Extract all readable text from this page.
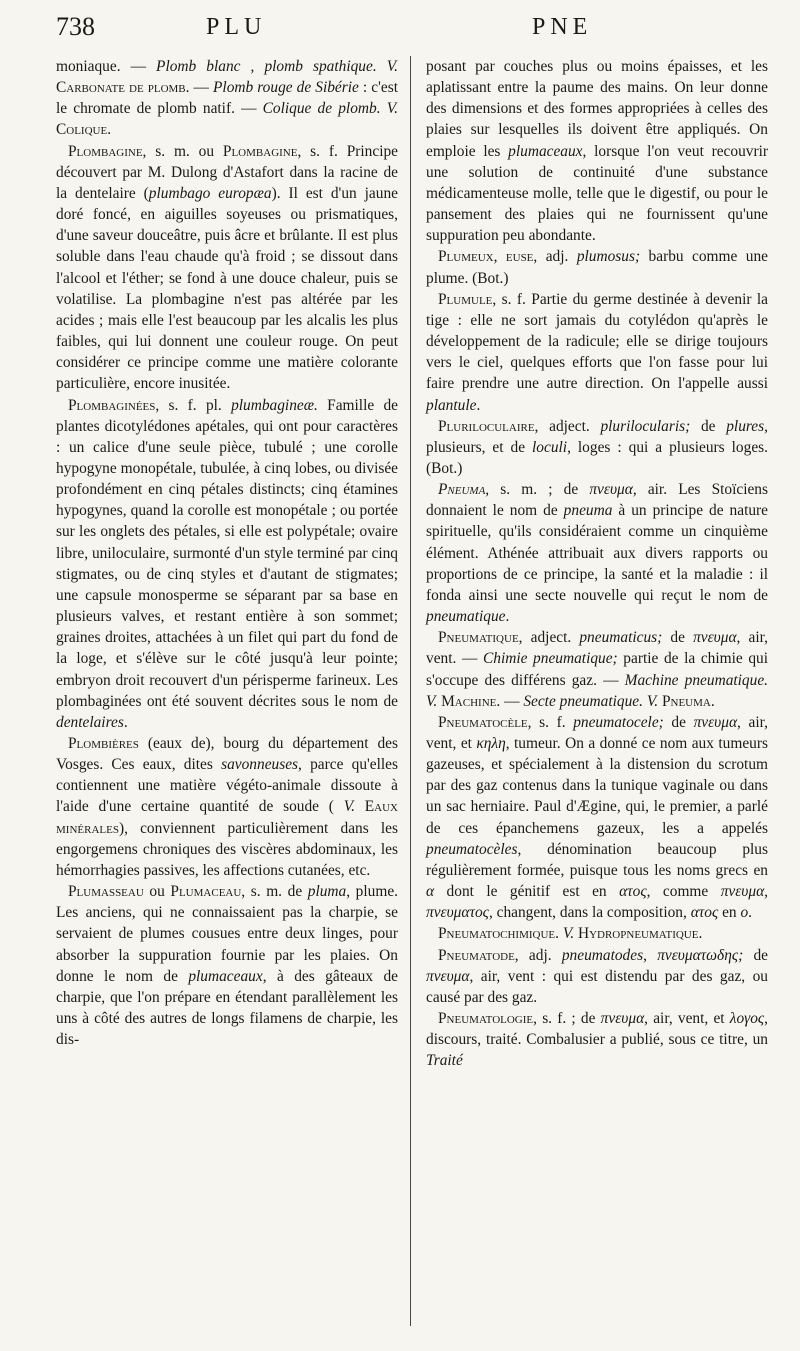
738	PLU	PNE

moniaque. — Plomb blanc , plomb spathique. V. Carbonate de plomb. — Plomb rouge de Sibérie : c'est le chromate de plomb natif. — Colique de plomb. V. Colique.

Plombagine, s. m. ou Plombagine, s. f. Principe découvert par M. Dulong d'Astafort dans la racine de la dentelaire (plumbago europæa). Il est d'un jaune doré foncé, en aiguilles soyeuses ou prismatiques, d'une saveur douceâtre, puis âcre et brûlante. Il est plus soluble dans l'eau chaude qu'à froid ; se dissout dans l'alcool et l'éther; se fond à une douce chaleur, puis se volatilise. La plombagine n'est pas altérée par les acides ; mais elle l'est beaucoup par les alcalis les plus faibles, qui lui donnent une couleur rouge. On peut considérer ce principe comme une matière colorante particulière, encore inusitée.

Plombaginées, s. f. pl. plumbagineæ. Famille de plantes dicotylédones apétales, qui ont pour caractères : un calice d'une seule pièce, tubulé ; une corolle hypogyne monopétale, tubulée, à cinq lobes, ou divisée profondément en cinq pétales distincts; cinq étamines hypogynes, quand la corolle est monopétale ; ou portée sur les onglets des pétales, si elle est polypétale; ovaire libre, uniloculaire, surmonté d'un style terminé par cinq stigmates, ou de cinq styles et d'autant de stigmates; une capsule monosperme se séparant par sa base en plusieurs valves, et restant entière à son sommet; graines droites, attachées à un filet qui part du fond de la loge, et s'élève sur le côté jusqu'à leur pointe; embryon droit recouvert d'un périsperme farineux. Les plombaginées ont été souvent décrites sous le nom de dentelaires.

Plombières (eaux de), bourg du département des Vosges. Ces eaux, dites savonneuses, parce qu'elles contiennent une matière végéto-animale dissoute à l'aide d'une certaine quantité de soude ( V. Eaux minérales), conviennent particulièrement dans les engorgemens chroniques des viscères abdominaux, les hémorrhagies passives, les affections cutanées, etc.

Plumasseau ou Plumaceau, s. m. de pluma, plume. Les anciens, qui ne connaissaient pas la charpie, se servaient de plumes cousues entre deux linges, pour absorber la suppuration fournie par les plaies. On donne le nom de plumaceaux, à des gâteaux de charpie, que l'on prépare en étendant parallèlement les uns à côté des autres de longs filamens de charpie, les dis-

posant par couches plus ou moins épaisses, et les aplatissant entre la paume des mains. On leur donne des dimensions et des formes appropriées à celles des plaies sur lesquelles ils doivent être appliqués. On emploie les plumaceaux, lorsque l'on veut recouvrir une solution de continuité d'une substance médicamenteuse molle, telle que le digestif, ou pour le pansement des plaies qui ne fournissent qu'une suppuration peu abondante.

Plumeux, euse, adj. plumosus; barbu comme une plume. (Bot.)

Plumule, s. f. Partie du germe destinée à devenir la tige : elle ne sort jamais du cotylédon qu'après le développement de la radicule; elle se dirige toujours vers le ciel, quelques efforts que l'on fasse pour lui faire prendre une autre direction. On l'appelle aussi plantule.

Pluriloculaire, adject. plurilocularis; de plures, plusieurs, et de loculi, loges : qui a plusieurs loges. (Bot.)

Pneuma, s. m. ; de πνευμα, air. Les Stoïciens donnaient le nom de pneuma à un principe de nature spirituelle, qu'ils considéraient comme un cinquième élément. Athénée attribuait aux divers rapports ou proportions de ce principe, la santé et la maladie : il fonda ainsi une secte nouvelle qui reçut le nom de pneumatique.

Pneumatique, adject. pneumaticus; de πνευμα, air, vent. — Chimie pneumatique; partie de la chimie qui s'occupe des différens gaz. — Machine pneumatique. V. Machine. — Secte pneumatique. V. Pneuma.

Pneumatocèle, s. f. pneumatocele; de πνευμα, air, vent, et κηλη, tumeur. On a donné ce nom aux tumeurs gazeuses, et spécialement à la distension du scrotum par des gaz contenus dans la tunique vaginale ou dans un sac herniaire. Paul d'Ægine, qui, le premier, a parlé de ces épanchemens gazeux, les a appelés pneumatocèles, dénomination beaucoup plus régulièrement formée, puisque tous les noms grecs en α dont le génitif est en ατος, comme πνευμα, πνευματος, changent, dans la composition, ατος en ο.

Pneumatochimique. V. Hydropneumatique.

Pneumatode, adj. pneumatodes, πνευματωδης; de πνευμα, air, vent : qui est distendu par des gaz, ou causé par des gaz.

Pneumatologie, s. f. ; de πνευμα, air, vent, et λογος, discours, traité. Combalusier a publié, sous ce titre, un Traité
